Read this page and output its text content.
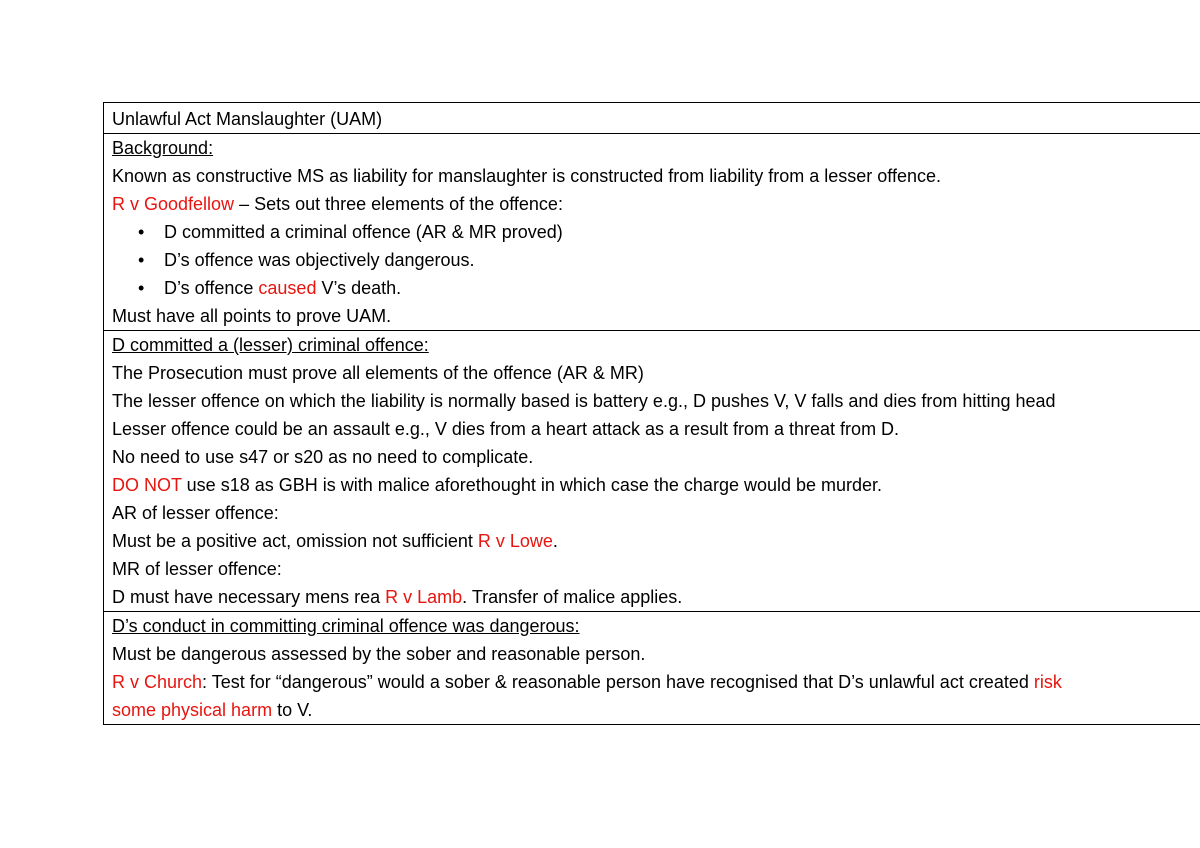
Unlawful Act Manslaughter (UAM)

Background:
Known as constructive MS as liability for manslaughter is constructed from liability from a lesser offence.
R v Goodfellow – Sets out three elements of the offence:
• D committed a criminal offence (AR & MR proved)
• D’s offence was objectively dangerous.
• D’s offence caused V’s death.
Must have all points to prove UAM.

D committed a (lesser) criminal offence:
The Prosecution must prove all elements of the offence (AR & MR)
The lesser offence on which the liability is normally based is battery e.g., D pushes V, V falls and dies from hitting head
Lesser offence could be an assault e.g., V dies from a heart attack as a result from a threat from D.
No need to use s47 or s20 as no need to complicate.
DO NOT use s18 as GBH is with malice aforethought in which case the charge would be murder.
AR of lesser offence:
Must be a positive act, omission not sufficient R v Lowe.
MR of lesser offence:
D must have necessary mens rea R v Lamb. Transfer of malice applies.

D’s conduct in committing criminal offence was dangerous:
Must be dangerous assessed by the sober and reasonable person.
R v Church: Test for “dangerous” would a sober & reasonable person have recognised that D’s unlawful act created risk
some physical harm to V.
